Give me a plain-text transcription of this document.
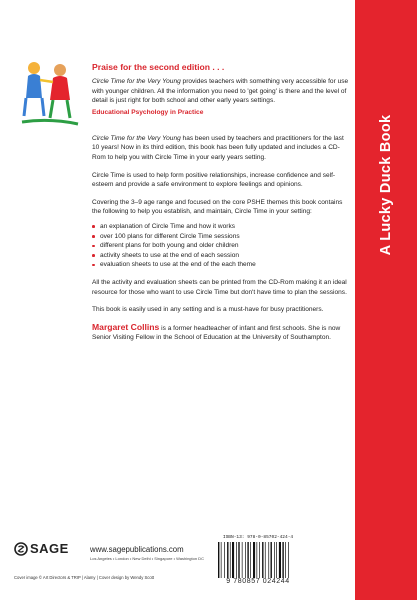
A Lucky Duck Book
Praise for the second edition . . .

Circle Time for the Very Young provides teachers with something very accessible for use with younger children. All the information you need to 'get going' is there and the level of detail is just right for both school and other early years settings.

Educational Psychology in Practice

Circle Time for the Very Young has been used by teachers and practitioners for the last 10 years! Now in its third edition, this book has been fully updated and includes a CD-Rom to help you with Circle Time in your early years setting.

Circle Time is used to help form positive relationships, increase confidence and self-esteem and provide a safe environment to explore feelings and opinions.

Covering the 3–9 age range and focused on the core PSHE themes this book contains the following to help you establish, and maintain, Circle Time in your setting:

an explanation of Circle Time and how it works
over 100 plans for different Circle Time sessions
different plans for both young and older children
activity sheets to use at the end of each session
evaluation sheets to use at the end of the each theme

All the activity and evaluation sheets can be printed from the CD-Rom making it an ideal resource for those who want to use Circle Time but don't have time to plan the sessions.

This book is easily used in any setting and is a must-have for busy practitioners.

Margaret Collins is a former headteacher of infant and first schools. She is now Senior Visiting Fellow in the School of Education at the University of Southampton.

SAGE	www.sagepublications.com
Los Angeles • London • New Delhi • Singapore • Washington DC
Cover image © Art Directors & TRIP | Alamy | Cover design by Wendy Scott
ISBN-13: 978-0-85702-424-4
9 780857 024244
